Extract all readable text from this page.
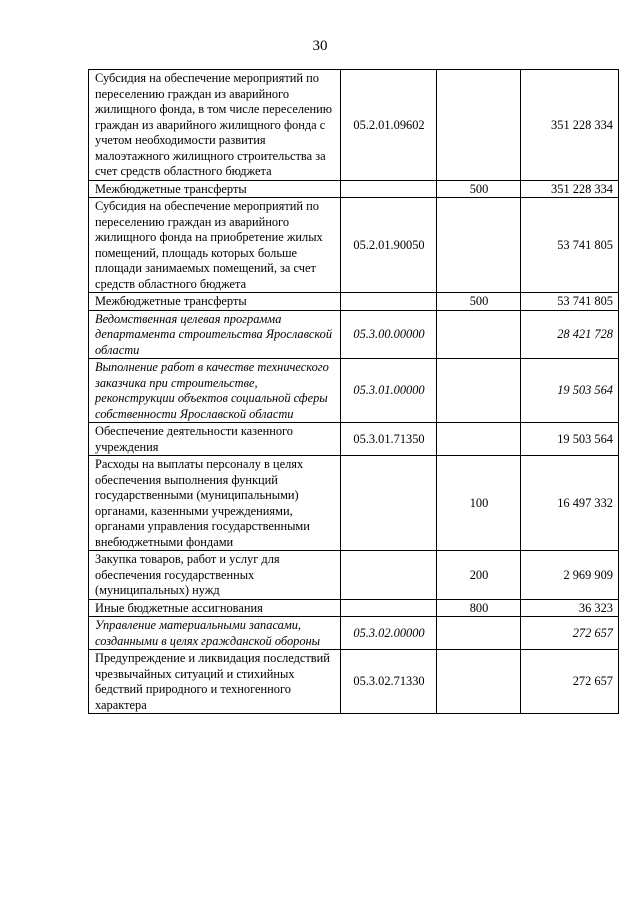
30
Субсидия на обеспечение мероприятий по переселению граждан из аварийного жилищного фонда, в том числе переселению граждан из аварийного жилищного фонда с учетом необходимости развития малоэтажного жилищного строительства за счет средств областного бюджета	05.2.01.09602		351 228 334
Межбюджетные трансферты		500	351 228 334
Субсидия на обеспечение мероприятий по переселению граждан из аварийного жилищного фонда на приобретение жилых помещений, площадь которых больше площади занимаемых помещений, за счет средств областного бюджета	05.2.01.90050		53 741 805
Межбюджетные трансферты		500	53 741 805
Ведомственная целевая программа департамента строительства Ярославской области	05.3.00.00000		28 421 728
Выполнение работ в качестве технического заказчика при строительстве, реконструкции объектов социальной сферы собственности Ярославской области	05.3.01.00000		19 503 564
Обеспечение деятельности казенного учреждения	05.3.01.71350		19 503 564
Расходы на выплаты персоналу в целях обеспечения выполнения функций государственными (муниципальными) органами, казенными учреждениями, органами управления государственными внебюджетными фондами		100	16 497 332
Закупка товаров, работ и услуг для обеспечения государственных (муниципальных) нужд		200	2 969 909
Иные бюджетные ассигнования		800	36 323
Управление материальными запасами, созданными в целях гражданской обороны	05.3.02.00000		272 657
Предупреждение и ликвидация последствий чрезвычайных ситуаций и стихийных бедствий природного и техногенного характера	05.3.02.71330		272 657
